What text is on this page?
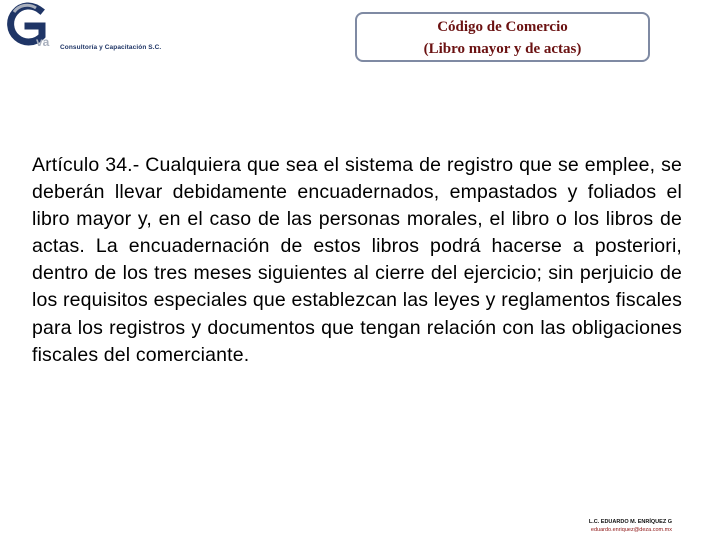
va Consultoría y Capacitación S.C.
Código de Comercio
(Libro mayor y de actas)
Artículo 34.- Cualquiera que sea el sistema de registro que se emplee, se deberán llevar debidamente encuadernados, empastados y foliados el libro mayor y, en el caso de las personas morales, el libro o los libros de actas. La encuadernación de estos libros podrá hacerse a posteriori, dentro de los tres meses siguientes al cierre del ejercicio; sin perjuicio de los requisitos especiales que establezcan las leyes y reglamentos fiscales para los registros y documentos que tengan relación con las obligaciones fiscales del comerciante.
L.C. EDUARDO M. ENRÍQUEZ G
eduardo.enriquez@deza.com.mx
